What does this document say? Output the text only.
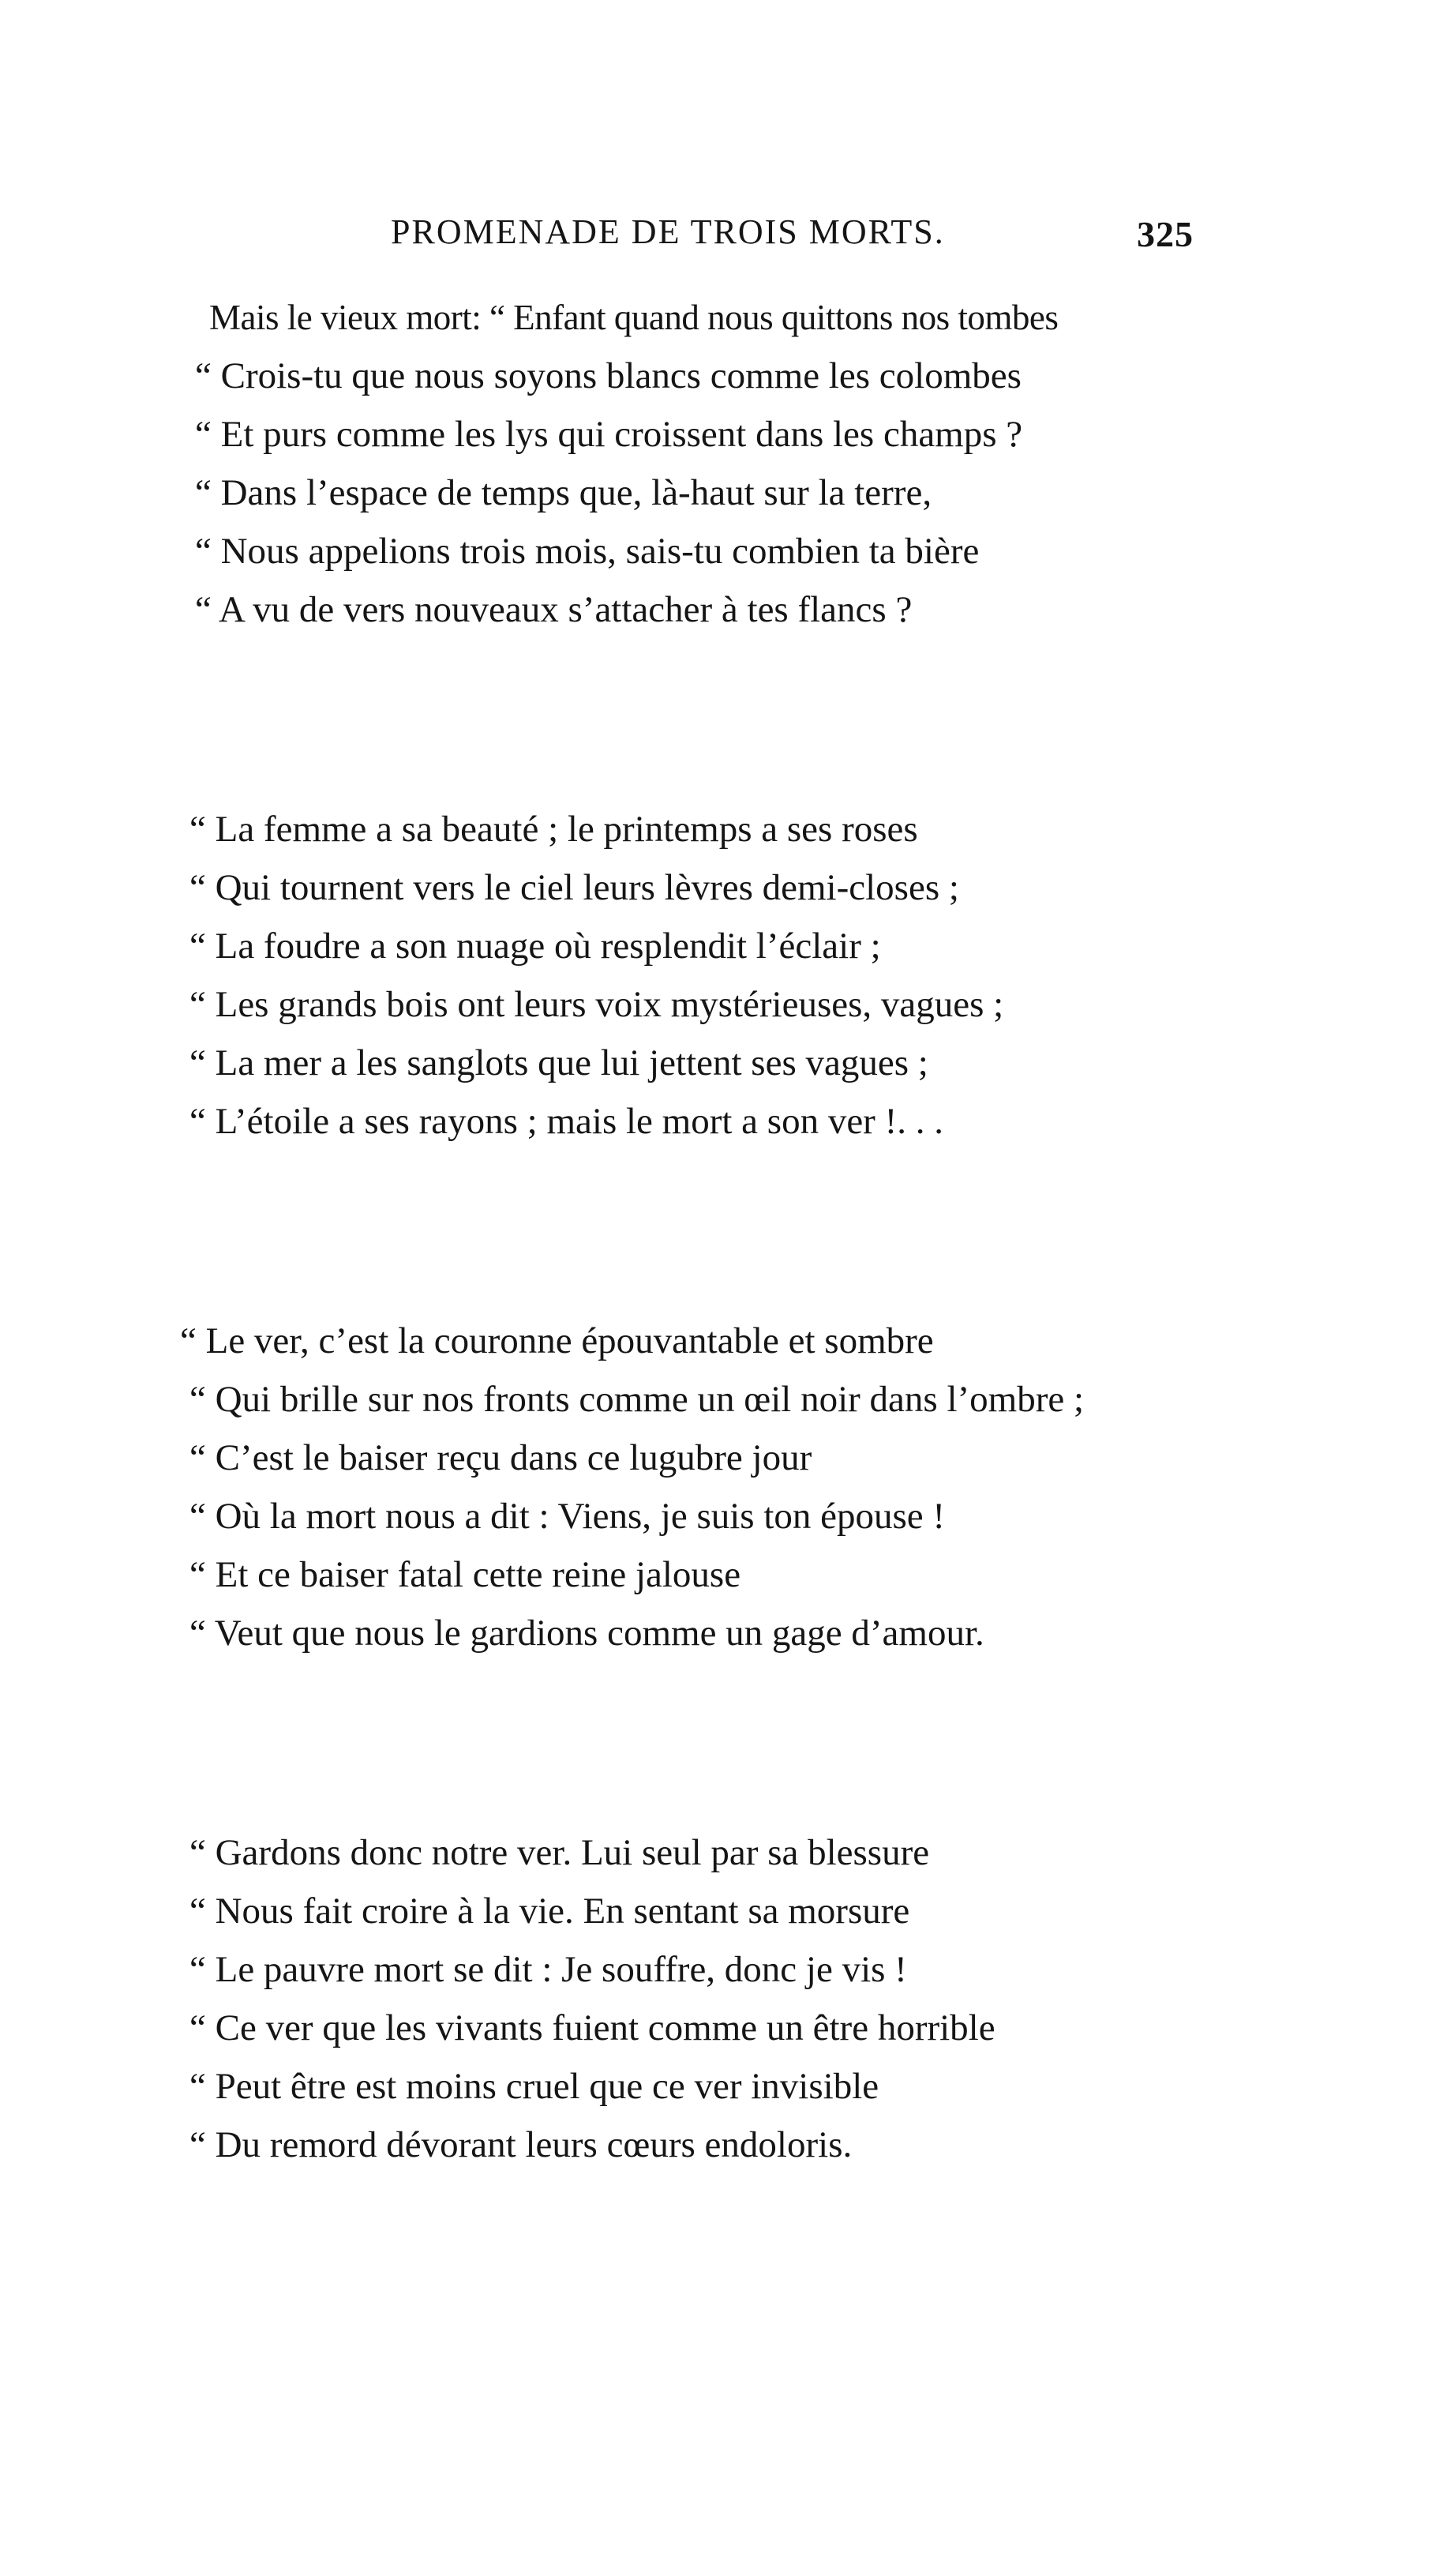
PROMENADE DE TROIS MORTS.	325
Mais le vieux mort: “ Enfant quand nous quittons nos tombes
“ Crois-tu que nous soyons blancs comme les colombes
“ Et purs comme les lys qui croissent dans les champs ?
“ Dans l’espace de temps que, là-haut sur la terre,
“ Nous appelions trois mois, sais-tu combien ta bière
“ A vu de vers nouveaux s’attacher à tes flancs ?
“ La femme a sa beauté ; le printemps a ses roses
“ Qui tournent vers le ciel leurs lèvres demi-closes ;
“ La foudre a son nuage où resplendit l’éclair ;
“ Les grands bois ont leurs voix mystérieuses, vagues ;
“ La mer a les sanglots que lui jettent ses vagues ;
“ L’étoile a ses rayons ; mais le mort a son ver !. . .
“ Le ver, c’est la couronne épouvantable et sombre
“ Qui brille sur nos fronts comme un œil noir dans l’ombre ;
“ C’est le baiser reçu dans ce lugubre jour
“ Où la mort nous a dit : Viens, je suis ton épouse !
“ Et ce baiser fatal cette reine jalouse
“ Veut que nous le gardions comme un gage d’amour.
“ Gardons donc notre ver. Lui seul par sa blessure
“ Nous fait croire à la vie. En sentant sa morsure
“ Le pauvre mort se dit : Je souffre, donc je vis !
“ Ce ver que les vivants fuient comme un être horrible
“ Peut être est moins cruel que ce ver invisible
“ Du remord dévorant leurs cœurs endoloris.
